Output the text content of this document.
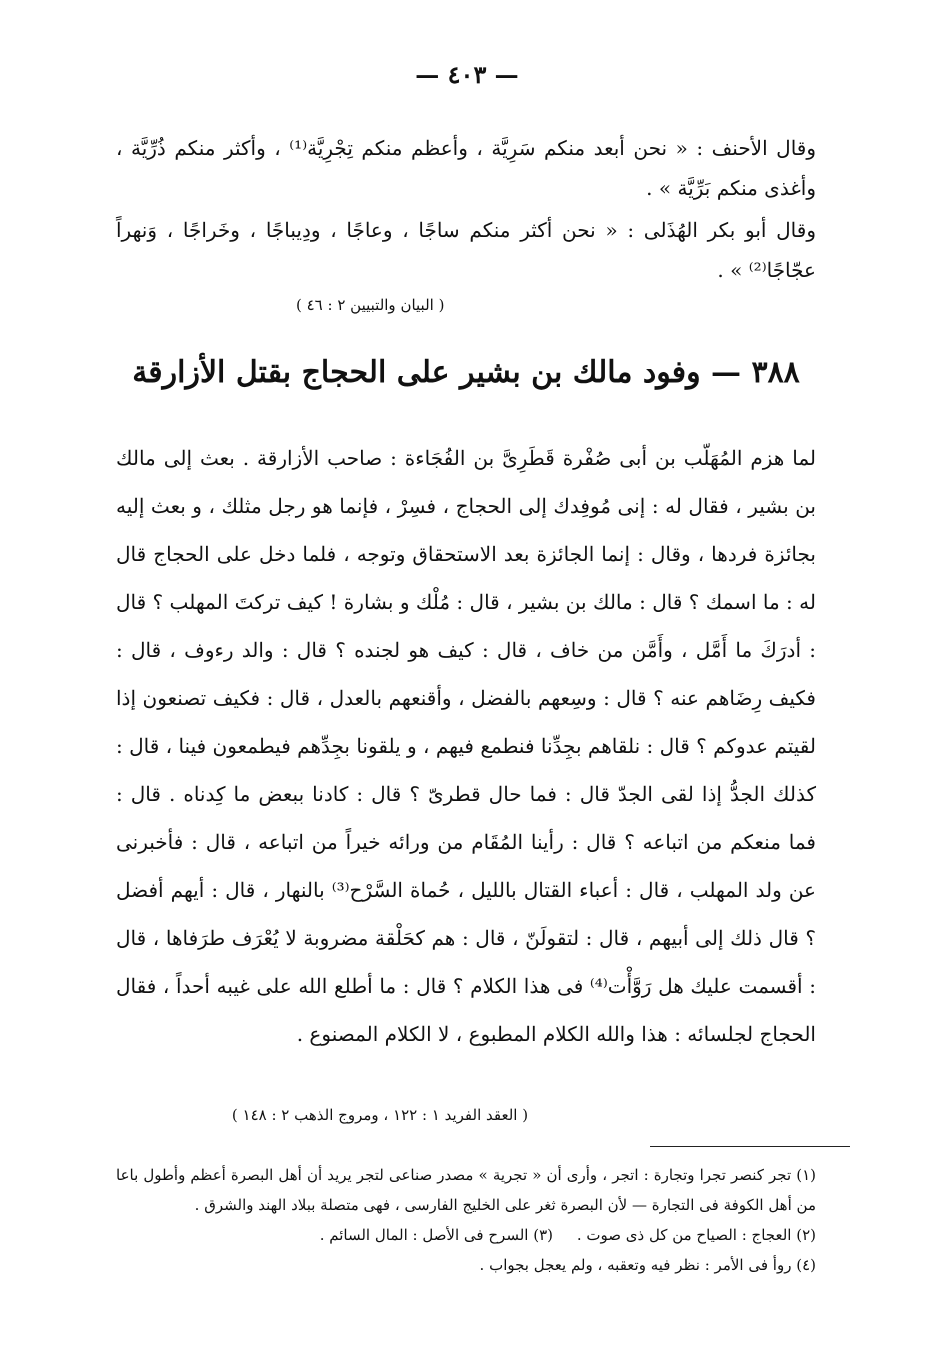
— ٤٠٣ —

وقال الأحنف : « نحن أبعد منكم سَرِيَّة ، وأعظم منكم تِجْرِيَّة⁽¹⁾ ، وأكثر منكم ذُرِّيَّة ، وأغذى منكم بَرِّيَّة » .

وقال أبو بكر الهُذَلى : « نحن أكثر منكم ساجًا ، وعاجًا ، ودِيباجًا ، وخَراجًا ، وَنهراً عجّاجًا⁽²⁾ » .
( البيان والتبيين ٢ : ٤٦ )

٣٨٨ — وفود مالك بن بشير على الحجاج بقتل الأزارقة

لما هزم المُهَلّب بن أبى صُفْرة قَطَرِىَّ بن الفُجَاءة : صاحب الأزارقة . بعث إلى مالك بن بشير ، فقال له : إنى مُوفِدك إلى الحجاج ، فسِرْ ، فإنما هو رجل مثلك ، و بعث إليه بجائزة فردها ، وقال : إنما الجائزة بعد الاستحقاق وتوجه ، فلما دخل على الحجاج قال له : ما اسمك ؟ قال : مالك بن بشير ، قال : مُلْك و بشارة ! كيف تركتَ المهلب ؟ قال : أدرَكَ ما أَمَّل ، وأَمَّن من خاف ، قال : كيف هو لجنده ؟ قال : والد رءوف ، قال : فكيف رِضَاهم عنه ؟ قال : وسِعهم بالفضل ، وأقنعهم بالعدل ، قال : فكيف تصنعون إذا لقيتم عدوكم ؟ قال : نلقاهم بجِدِّنا فنطمع فيهم ، و يلقونا بجِدِّهم فيطمعون فينا ، قال : كذلك الجدُّ إذا لقى الجدّ قال : فما حال قطرىّ ؟ قال : كادنا ببعض ما كِدناه . قال : فما منعكم من اتباعه ؟ قال : رأينا المُقَام من ورائه خيراً من اتباعه ، قال : فأخبرنى عن ولد المهلب ، قال : أعباء القتال بالليل ، حُماة السَّرْح⁽³⁾ بالنهار ، قال : أيهم أفضل ؟ قال ذلك إلى أبيهم ، قال : لتقولَنّ ، قال : هم كحَلْقة مضروبة لا يُعْرَف طرَفاها ، قال : أقسمت عليك هل رَوَّأْت⁽⁴⁾ فى هذا الكلام ؟ قال : ما أطلع الله على غيبه أحداً ، فقال الحجاج لجلسائه : هذا والله الكلام المطبوع ، لا الكلام المصنوع .

( العقد الفريد ١ : ١٢٢ ، ومروج الذهب ٢ : ١٤٨ )

(١) تجر كنصر تجرا وتجارة : اتجر ، وأرى أن « تجرية » مصدر صناعى لتجر يريد أن أهل البصرة أعظم وأطول باعا من أهل الكوفة فى التجارة — لأن البصرة ثغر على الخليج الفارسى ، فهى متصلة ببلاد الهند والشرق .

(٢) العجاج : الصياح من كل ذى صوت .     (٣) السرح فى الأصل : المال السائم .

(٤) روأ فى الأمر : نظر فيه وتعقبه ، ولم يعجل بجواب .
